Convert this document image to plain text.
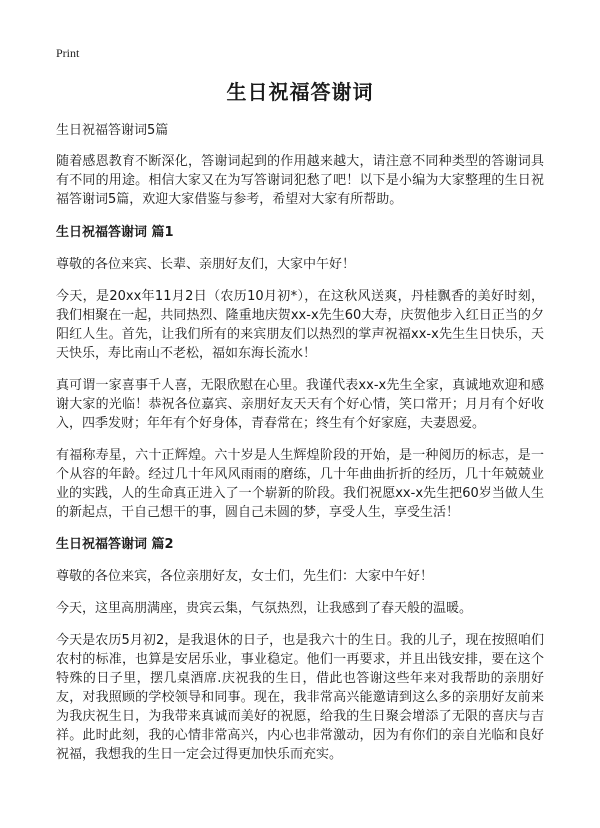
Print
生日祝福答谢词

生日祝福答谢词5篇

随着感恩教育不断深化，答谢词起到的作用越来越大，请注意不同种类型的答谢词具有不同的用途。相信大家又在为写答谢词犯愁了吧！以下是小编为大家整理的生日祝福答谢词5篇，欢迎大家借鉴与参考，希望对大家有所帮助。

生日祝福答谢词 篇1

尊敬的各位来宾、长辈、亲朋好友们，大家中午好！

今天，是20xx年11月2日（农历10月初*），在这秋风送爽，丹桂飘香的美好时刻，我们相聚在一起，共同热烈、隆重地庆贺xx-x先生60大寿，庆贺他步入红日正当的夕阳红人生。首先，让我们所有的来宾朋友们以热烈的掌声祝福xx-x先生生日快乐，天天快乐，寿比南山不老松，福如东海长流水！

真可谓一家喜事千人喜，无限欣慰在心里。我谨代表xx-x先生全家，真诚地欢迎和感谢大家的光临！恭祝各位嘉宾、亲朋好友天天有个好心情，笑口常开；月月有个好收入，四季发财；年年有个好身体，青春常在；终生有个好家庭，夫妻恩爱。

有福称寿星，六十正辉煌。六十岁是人生辉煌阶段的开始，是一种阅历的标志，是一个从容的年龄。经过几十年风风雨雨的磨练，几十年曲曲折折的经历，几十年兢兢业业的实践，人的生命真正进入了一个崭新的阶段。我们祝愿xx-x先生把60岁当做人生的新起点，干自己想干的事，圆自己未圆的梦，享受人生，享受生活！

生日祝福答谢词 篇2

尊敬的各位来宾，各位亲朋好友，女士们，先生们：大家中午好！

今天，这里高朋满座，贵宾云集，气氛热烈，让我感到了春天般的温暖。

今天是农历5月初2，是我退休的日子，也是我六十的生日。我的儿子，现在按照咱们农村的标准，也算是安居乐业，事业稳定。他们一再要求，并且出钱安排，要在这个特殊的日子里，摆几桌酒席.庆祝我的生日，借此也答谢这些年来对我帮助的亲朋好友，对我照顾的学校领导和同事。现在，我非常高兴能邀请到这么多的亲朋好友前来为我庆祝生日，为我带来真诚而美好的祝愿，给我的生日聚会增添了无限的喜庆与吉祥。此时此刻，我的心情非常高兴，内心也非常激动，因为有你们的亲自光临和良好祝福，我想我的生日一定会过得更加快乐而充实。
